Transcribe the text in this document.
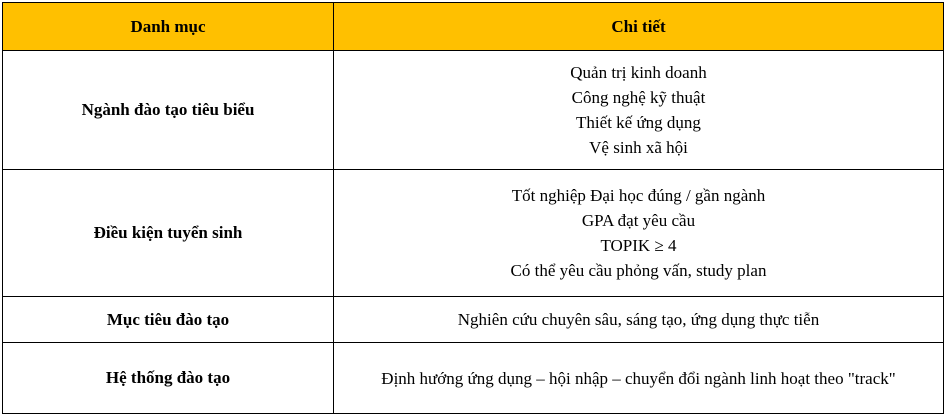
Danh mục	Chi tiết
Ngành đào tạo tiêu biểu	Quản trị kinh doanh
Công nghệ kỹ thuật
Thiết kế ứng dụng
Vệ sinh xã hội

Điều kiện tuyển sinh	Tốt nghiệp Đại học đúng / gần ngành
GPA đạt yêu cầu
TOPIK ≥ 4
Có thể yêu cầu phỏng vấn, study plan

Mục tiêu đào tạo	Nghiên cứu chuyên sâu, sáng tạo, ứng dụng thực tiễn

Hệ thống đào tạo	Định hướng ứng dụng – hội nhập – chuyển đổi ngành linh hoạt theo "track"
